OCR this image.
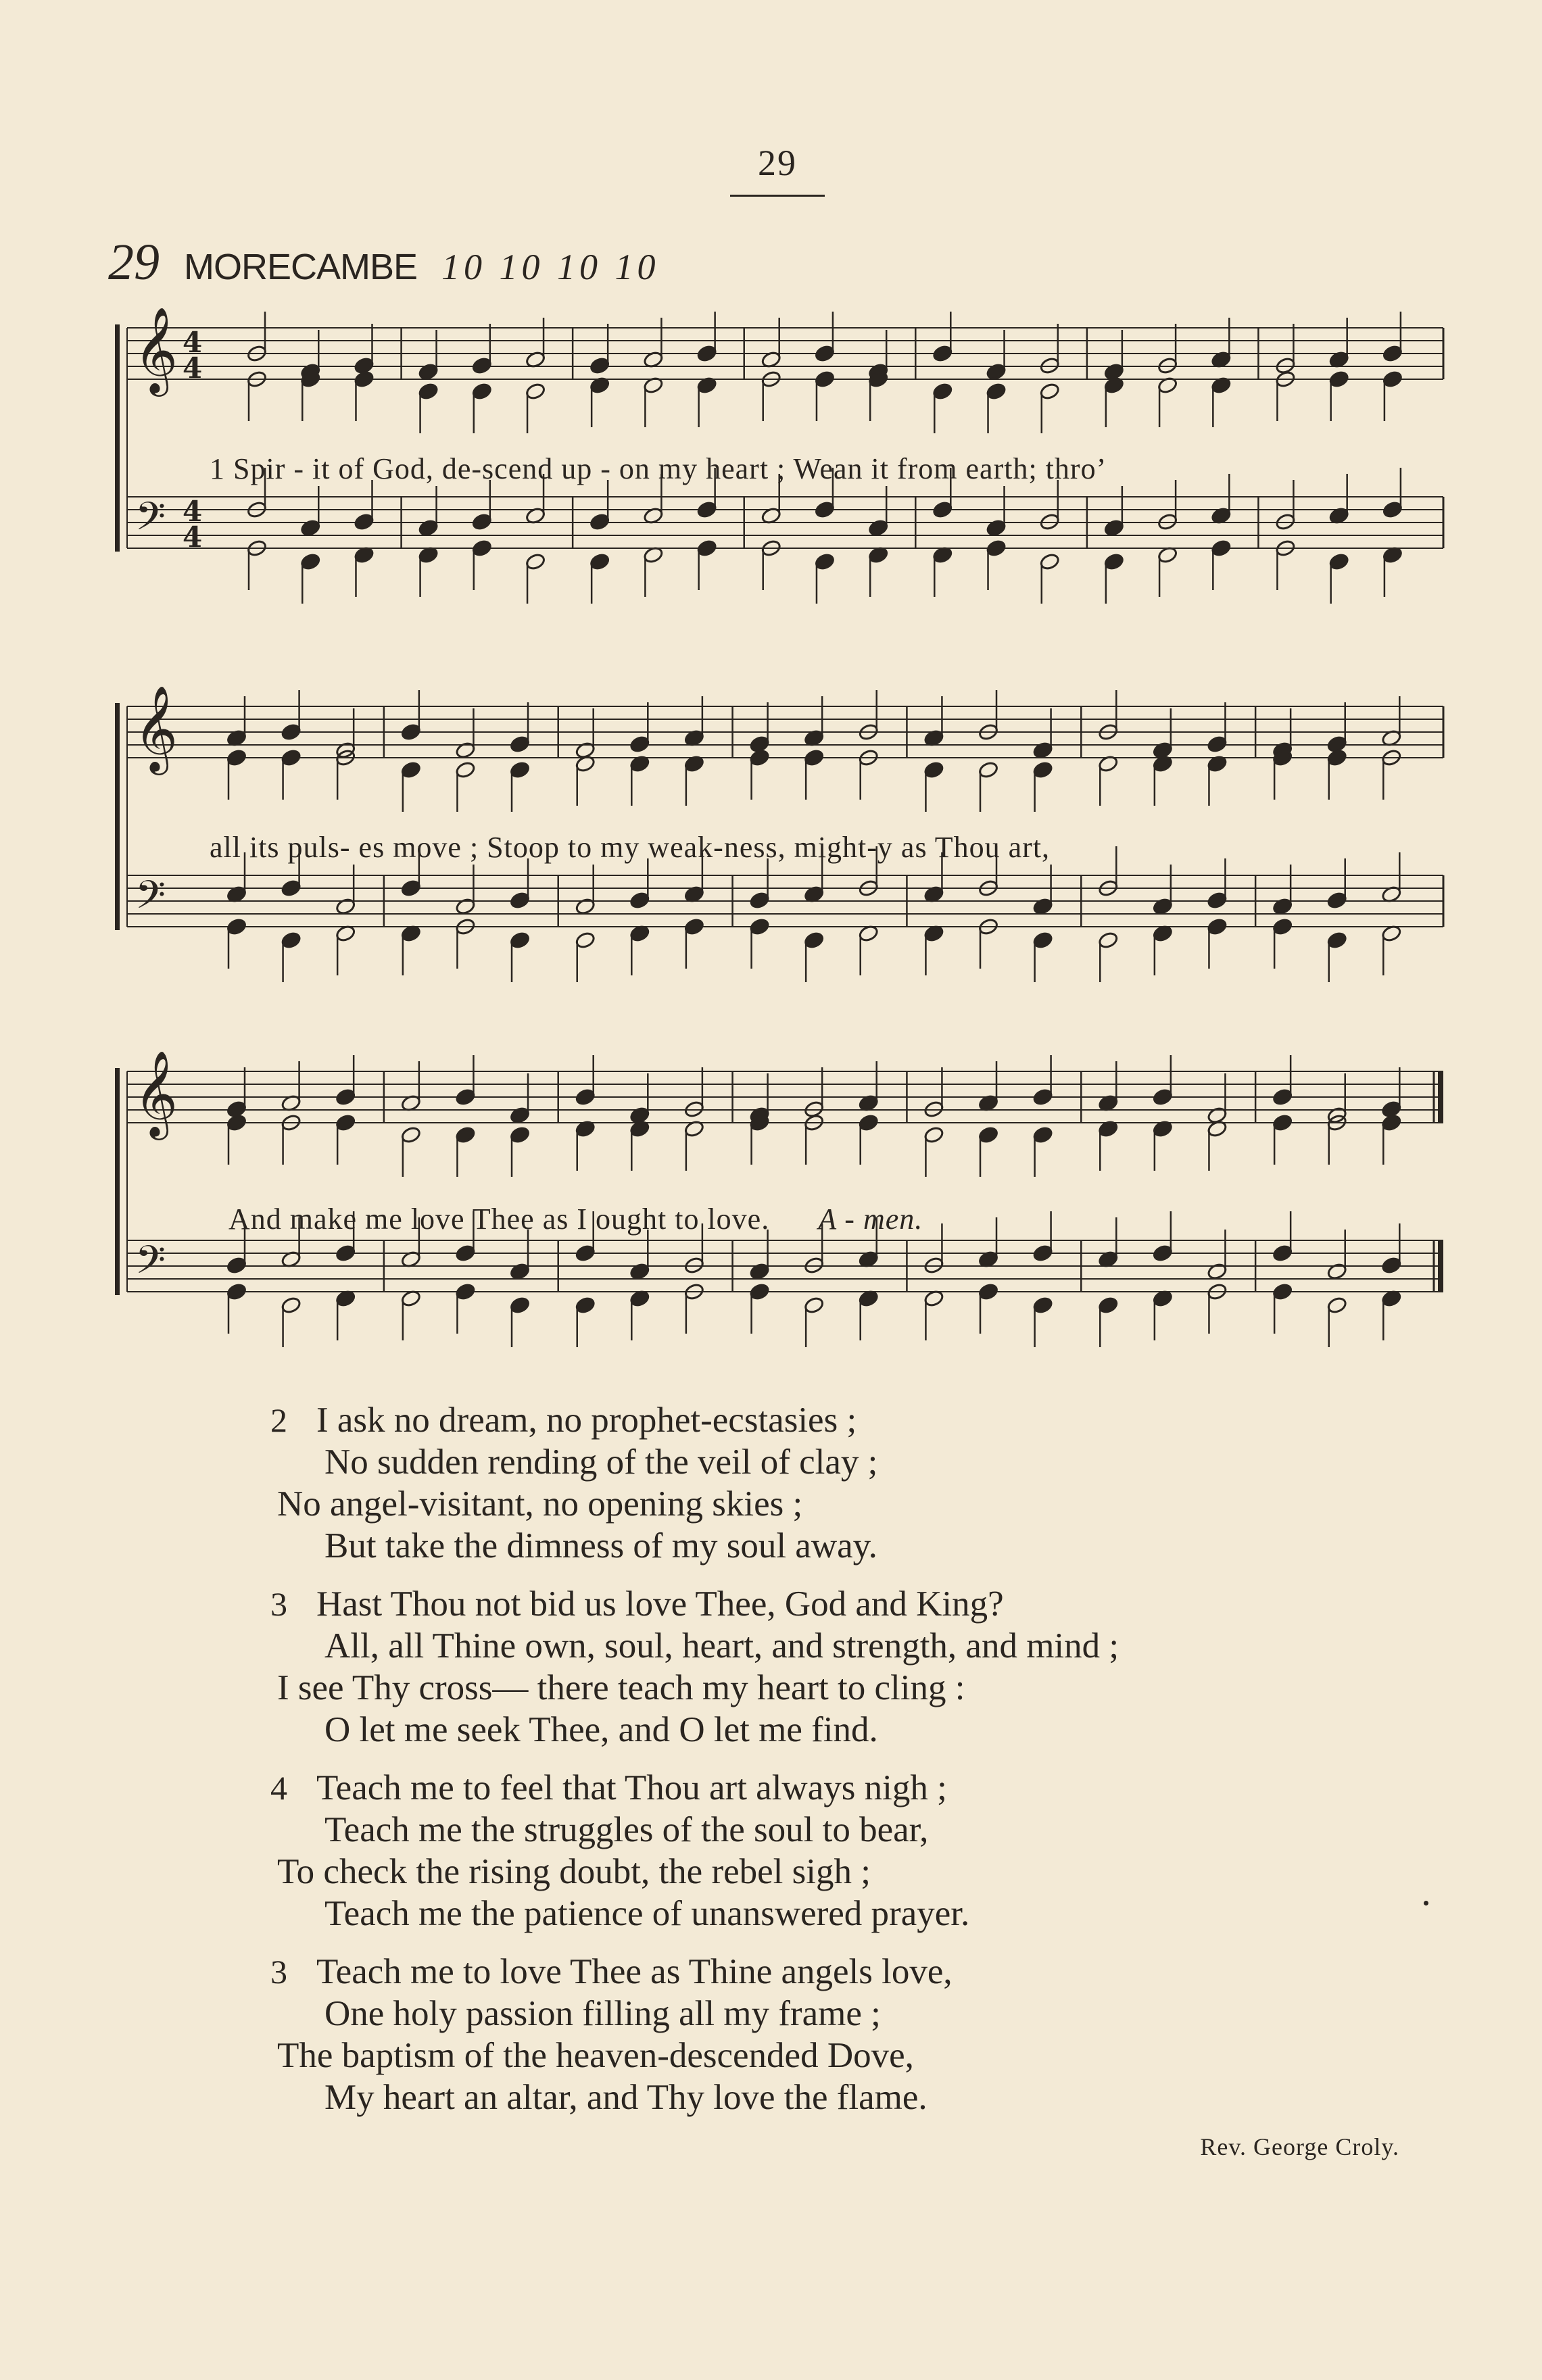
29
29 MORECAMBE 10 10 10 10
𝄞
𝄢
4
4
4
4
1 Spir - it of God, de-scend up - on my heart ; Wean it from earth; thro’
𝄞
𝄢
all its puls- es move ; Stoop to my weak-ness, might-y as Thou art,
𝄞
𝄢
And make me love Thee as I ought to love. A - men.
2 I ask no dream, no prophet-ecstasies ;
No sudden rending of the veil of clay ;
No angel-visitant, no opening skies ;
But take the dimness of my soul away.
3 Hast Thou not bid us love Thee, God and King?
All, all Thine own, soul, heart, and strength, and mind ;
I see Thy cross— there teach my heart to cling :
O let me seek Thee, and O let me find.
4 Teach me to feel that Thou art always nigh ;
Teach me the struggles of the soul to bear,
To check the rising doubt, the rebel sigh ;
Teach me the patience of unanswered prayer.
3 Teach me to love Thee as Thine angels love,
One holy passion filling all my frame ;
The baptism of the heaven-descended Dove,
My heart an altar, and Thy love the flame.
Rev. George Croly.
